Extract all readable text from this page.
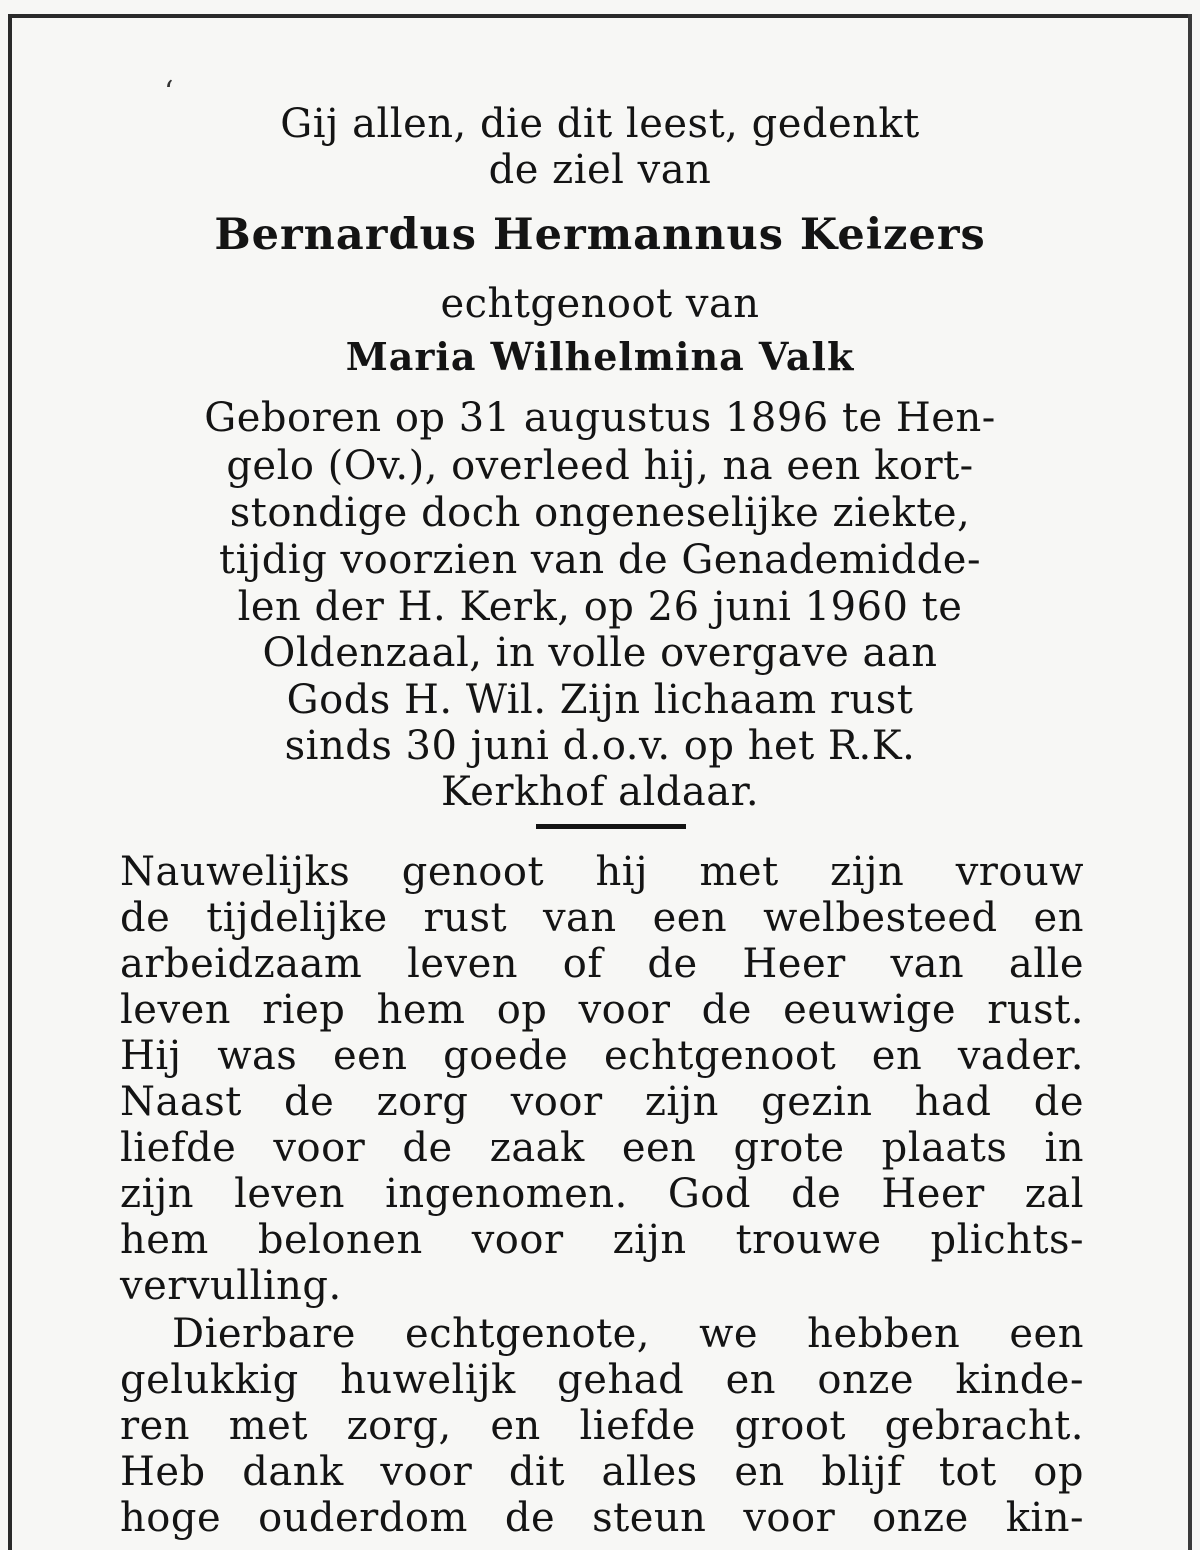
‘
Gij allen, die dit leest, gedenkt
de ziel van
Bernardus Hermannus Keizers
echtgenoot van
Maria Wilhelmina Valk
Geboren op 31 augustus 1896 te Hen-
gelo (Ov.), overleed hij, na een kort-
stondige doch ongeneselijke ziekte,
tijdig voorzien van de Genademidde-
len der H. Kerk, op 26 juni 1960 te
Oldenzaal, in volle overgave aan
Gods H. Wil. Zijn lichaam rust
sinds 30 juni d.o.v. op het R.K.
Kerkhof aldaar.
Nauwelijks genoot hij met zijn vrouw
de tijdelijke rust van een welbesteed en
arbeidzaam leven of de Heer van alle
leven riep hem op voor de eeuwige rust.
Hij was een goede echtgenoot en vader.
Naast de zorg voor zijn gezin had de
liefde voor de zaak een grote plaats in
zijn leven ingenomen. God de Heer zal
hem belonen voor zijn trouwe plichts-
vervulling.
Dierbare echtgenote, we hebben een
gelukkig huwelijk gehad en onze kinde-
ren met zorg, en liefde groot gebracht.
Heb dank voor dit alles en blijf tot op
hoge ouderdom de steun voor onze kin-
